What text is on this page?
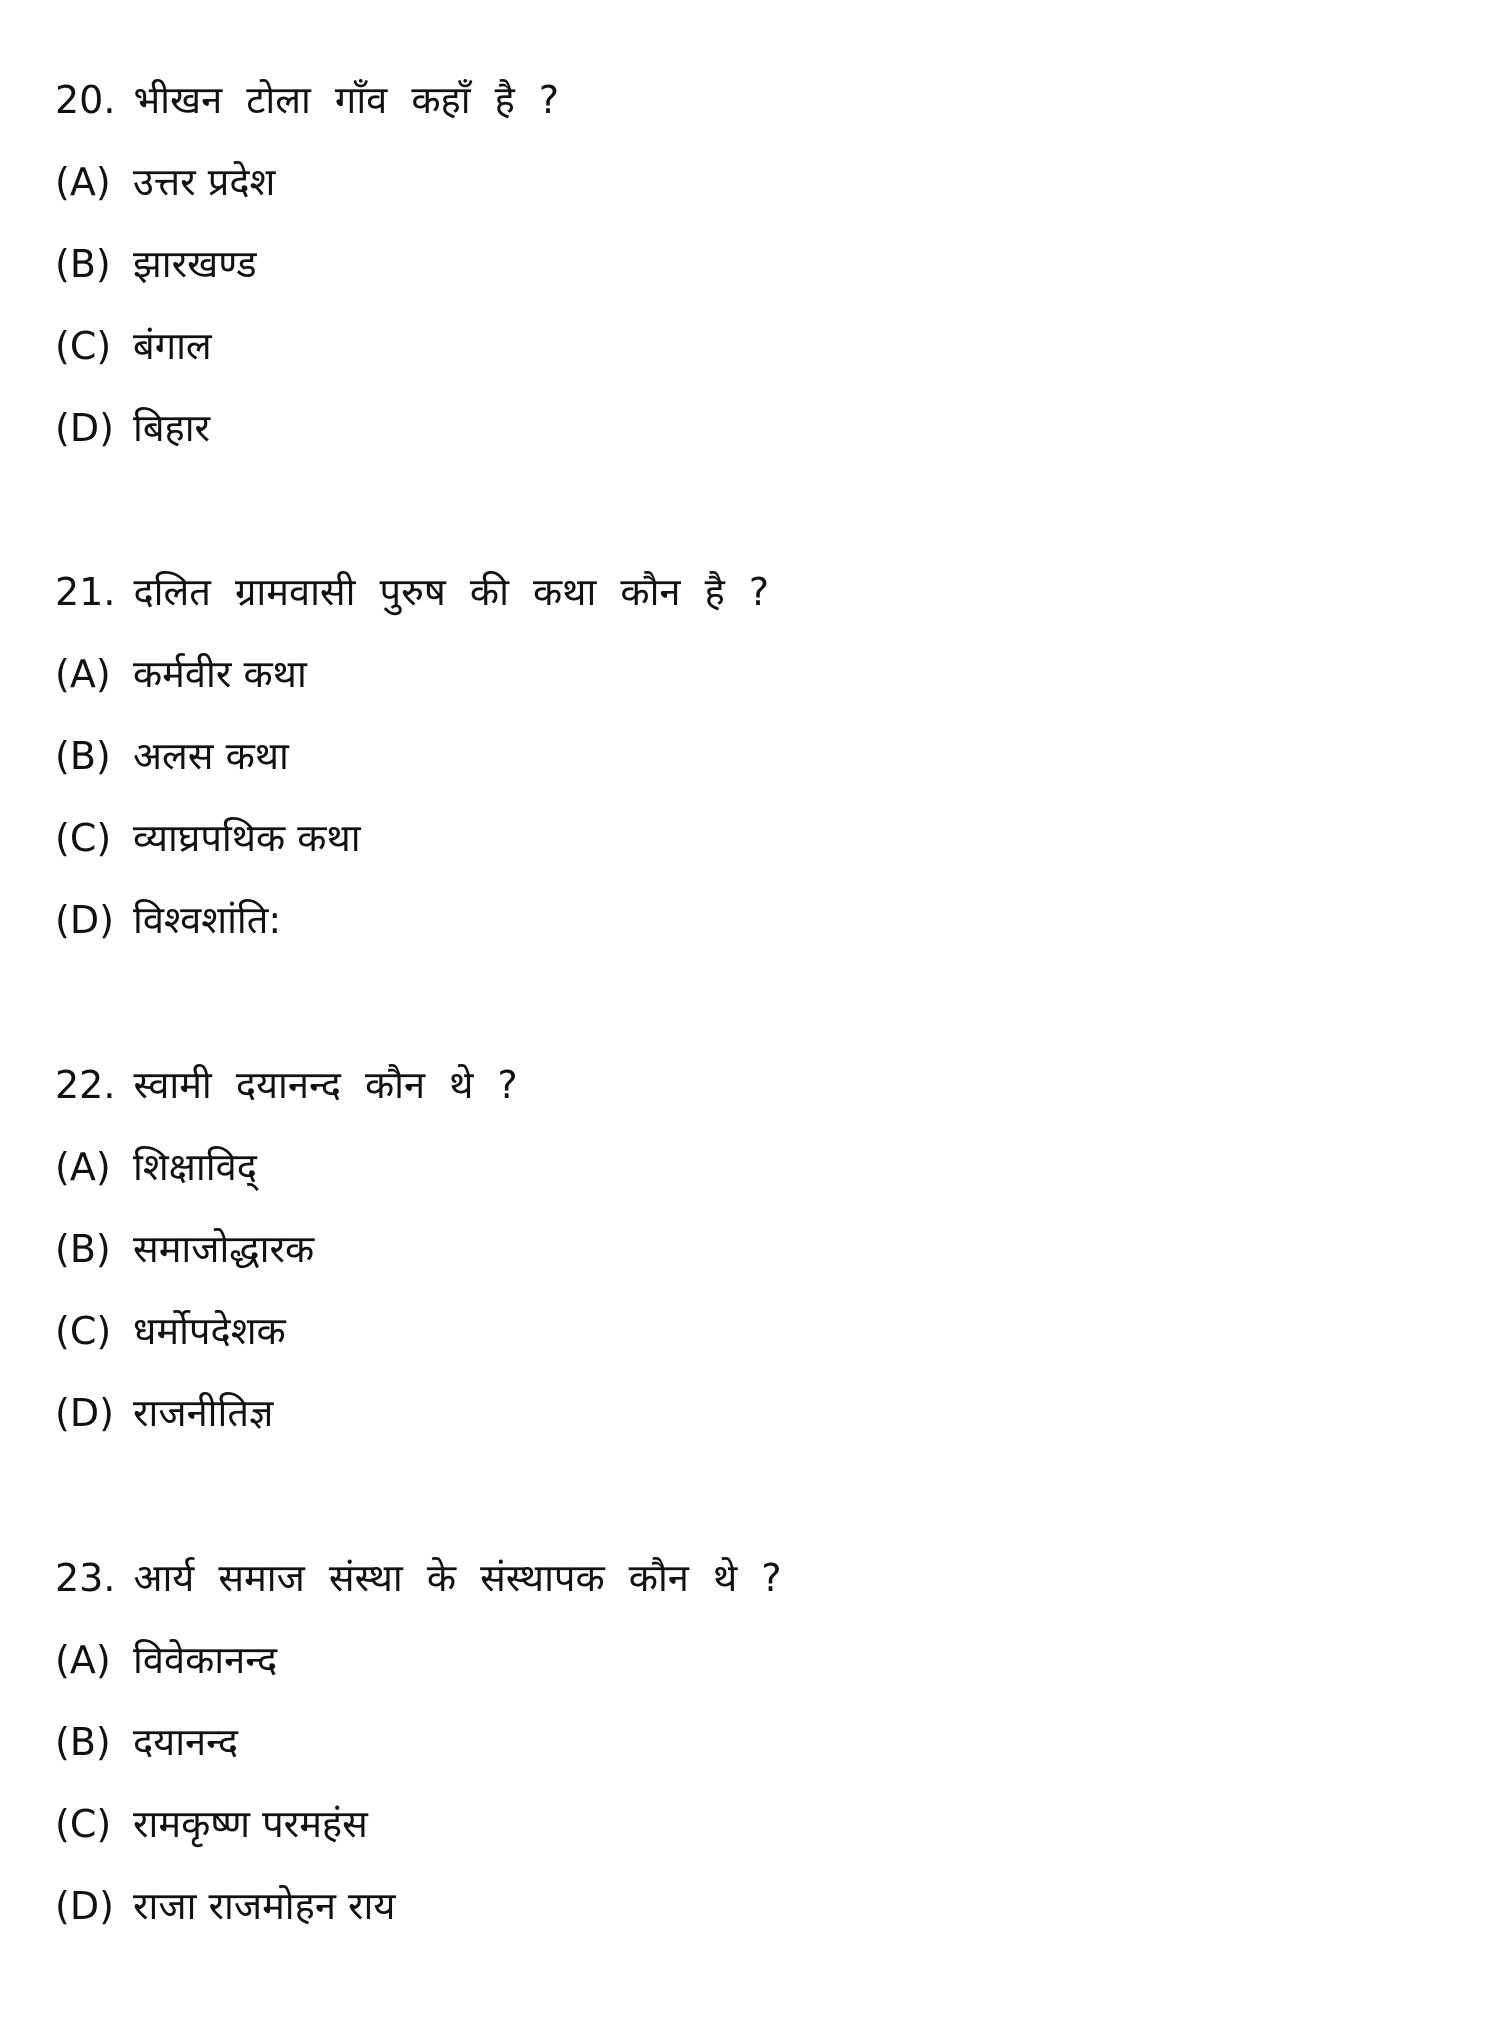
20. भीखन टोला गाँव कहाँ है ?
(A) उत्तर प्रदेश
(B) झारखण्ड
(C) बंगाल
(D) बिहार
21. दलित ग्रामवासी पुरुष की कथा कौन है ?
(A) कर्मवीर कथा
(B) अलस कथा
(C) व्याघ्रपथिक कथा
(D) विश्वशांति:
22. स्वामी दयानन्द कौन थे ?
(A) शिक्षाविद्
(B) समाजोद्धारक
(C) धर्मोपदेशक
(D) राजनीतिज्ञ
23. आर्य समाज संस्था के संस्थापक कौन थे ?
(A) विवेकानन्द
(B) दयानन्द
(C) रामकृष्ण परमहंस
(D) राजा राजमोहन राय
